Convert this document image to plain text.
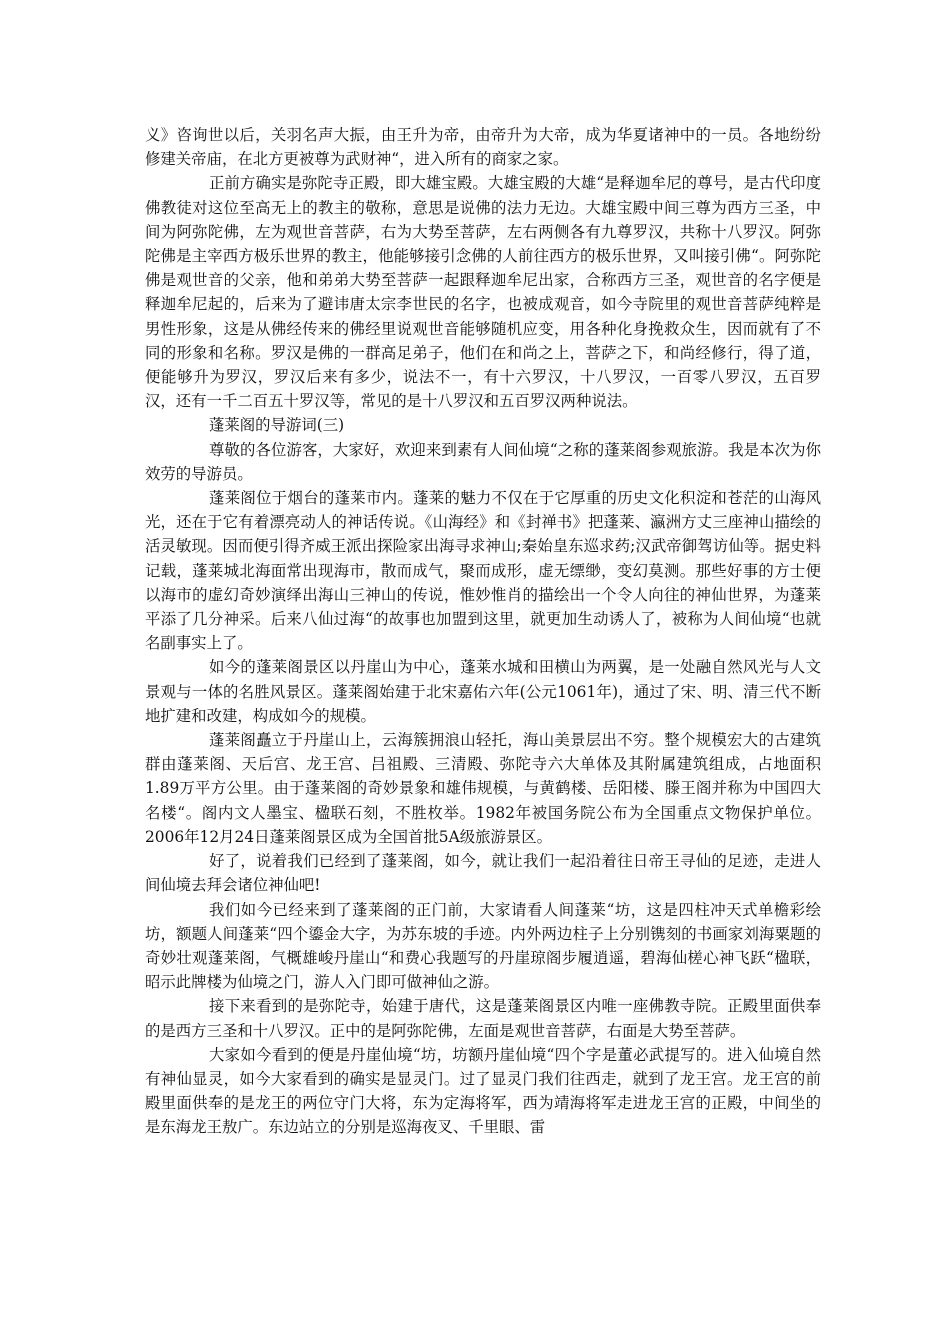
义》咨询世以后，关羽名声大振，由王升为帝，由帝升为大帝，成为华夏诸神中的一员。各地纷纷修建关帝庙，在北方更被尊为武财神“，进入所有的商家之家。

正前方确实是弥陀寺正殿，即大雄宝殿。大雄宝殿的大雄“是释迦牟尼的尊号，是古代印度佛教徒对这位至高无上的教主的敬称，意思是说佛的法力无边。大雄宝殿中间三尊为西方三圣，中间为阿弥陀佛，左为观世音菩萨，右为大势至菩萨，左右两侧各有九尊罗汉，共称十八罗汉。阿弥陀佛是主宰西方极乐世界的教主，他能够接引念佛的人前往西方的极乐世界，又叫接引佛“。阿弥陀佛是观世音的父亲，他和弟弟大势至菩萨一起跟释迦牟尼出家，合称西方三圣，观世音的名字便是释迦牟尼起的，后来为了避讳唐太宗李世民的名字，也被成观音，如今寺院里的观世音菩萨纯粹是男性形象，这是从佛经传来的佛经里说观世音能够随机应变，用各种化身挽救众生，因而就有了不同的形象和名称。罗汉是佛的一群高足弟子，他们在和尚之上，菩萨之下，和尚经修行，得了道，便能够升为罗汉，罗汉后来有多少，说法不一，有十六罗汉，十八罗汉，一百零八罗汉，五百罗汉，还有一千二百五十罗汉等，常见的是十八罗汉和五百罗汉两种说法。

蓬莱阁的导游词(三)

尊敬的各位游客，大家好，欢迎来到素有人间仙境“之称的蓬莱阁参观旅游。我是本次为你效劳的导游员。

蓬莱阁位于烟台的蓬莱市内。蓬莱的魅力不仅在于它厚重的历史文化积淀和苍茫的山海风光，还在于它有着漂亮动人的神话传说。《山海经》和《封禅书》把蓬莱、瀛洲方丈三座神山描绘的活灵敏现。因而便引得齐威王派出探险家出海寻求神山;秦始皇东巡求药;汉武帝御驾访仙等。据史料记载，蓬莱城北海面常出现海市，散而成气，聚而成形，虚无缥缈，变幻莫测。那些好事的方士便以海市的虚幻奇妙演绎出海山三神山的传说，惟妙惟肖的描绘出一个令人向往的神仙世界，为蓬莱平添了几分神采。后来八仙过海“的故事也加盟到这里，就更加生动诱人了，被称为人间仙境“也就名副事实上了。

如今的蓬莱阁景区以丹崖山为中心，蓬莱水城和田横山为两翼，是一处融自然风光与人文景观与一体的名胜风景区。蓬莱阁始建于北宋嘉佑六年(公元1061年)，通过了宋、明、清三代不断地扩建和改建，构成如今的规模。

蓬莱阁矗立于丹崖山上，云海簇拥浪山轻托，海山美景层出不穷。整个规模宏大的古建筑群由蓬莱阁、天后宫、龙王宫、吕祖殿、三清殿、弥陀寺六大单体及其附属建筑组成，占地面积1.89万平方公里。由于蓬莱阁的奇妙景象和雄伟规模，与黄鹤楼、岳阳楼、滕王阁并称为中国四大名楼“。阁内文人墨宝、楹联石刻，不胜枚举。1982年被国务院公布为全国重点文物保护单位。2006年12月24日蓬莱阁景区成为全国首批5A级旅游景区。

好了，说着我们已经到了蓬莱阁，如今，就让我们一起沿着往日帝王寻仙的足迹，走进人间仙境去拜会诸位神仙吧!

我们如今已经来到了蓬莱阁的正门前，大家请看人间蓬莱“坊，这是四柱冲天式单檐彩绘坊，额题人间蓬莱“四个鎏金大字，为苏东坡的手迹。内外两边柱子上分别镌刻的书画家刘海粟题的奇妙壮观蓬莱阁，气概雄峻丹崖山“和费心我题写的丹崖琼阁步履逍遥，碧海仙槎心神飞跃“楹联，昭示此牌楼为仙境之门，游人入门即可做神仙之游。

接下来看到的是弥陀寺，始建于唐代，这是蓬莱阁景区内唯一座佛教寺院。正殿里面供奉的是西方三圣和十八罗汉。正中的是阿弥陀佛，左面是观世音菩萨，右面是大势至菩萨。

大家如今看到的便是丹崖仙境“坊，坊额丹崖仙境“四个字是董必武提写的。进入仙境自然有神仙显灵，如今大家看到的确实是显灵门。过了显灵门我们往西走，就到了龙王宫。龙王宫的前殿里面供奉的是龙王的两位守门大将，东为定海将军，西为靖海将军走进龙王宫的正殿，中间坐的是东海龙王敖广。东边站立的分别是巡海夜叉、千里眼、雷
